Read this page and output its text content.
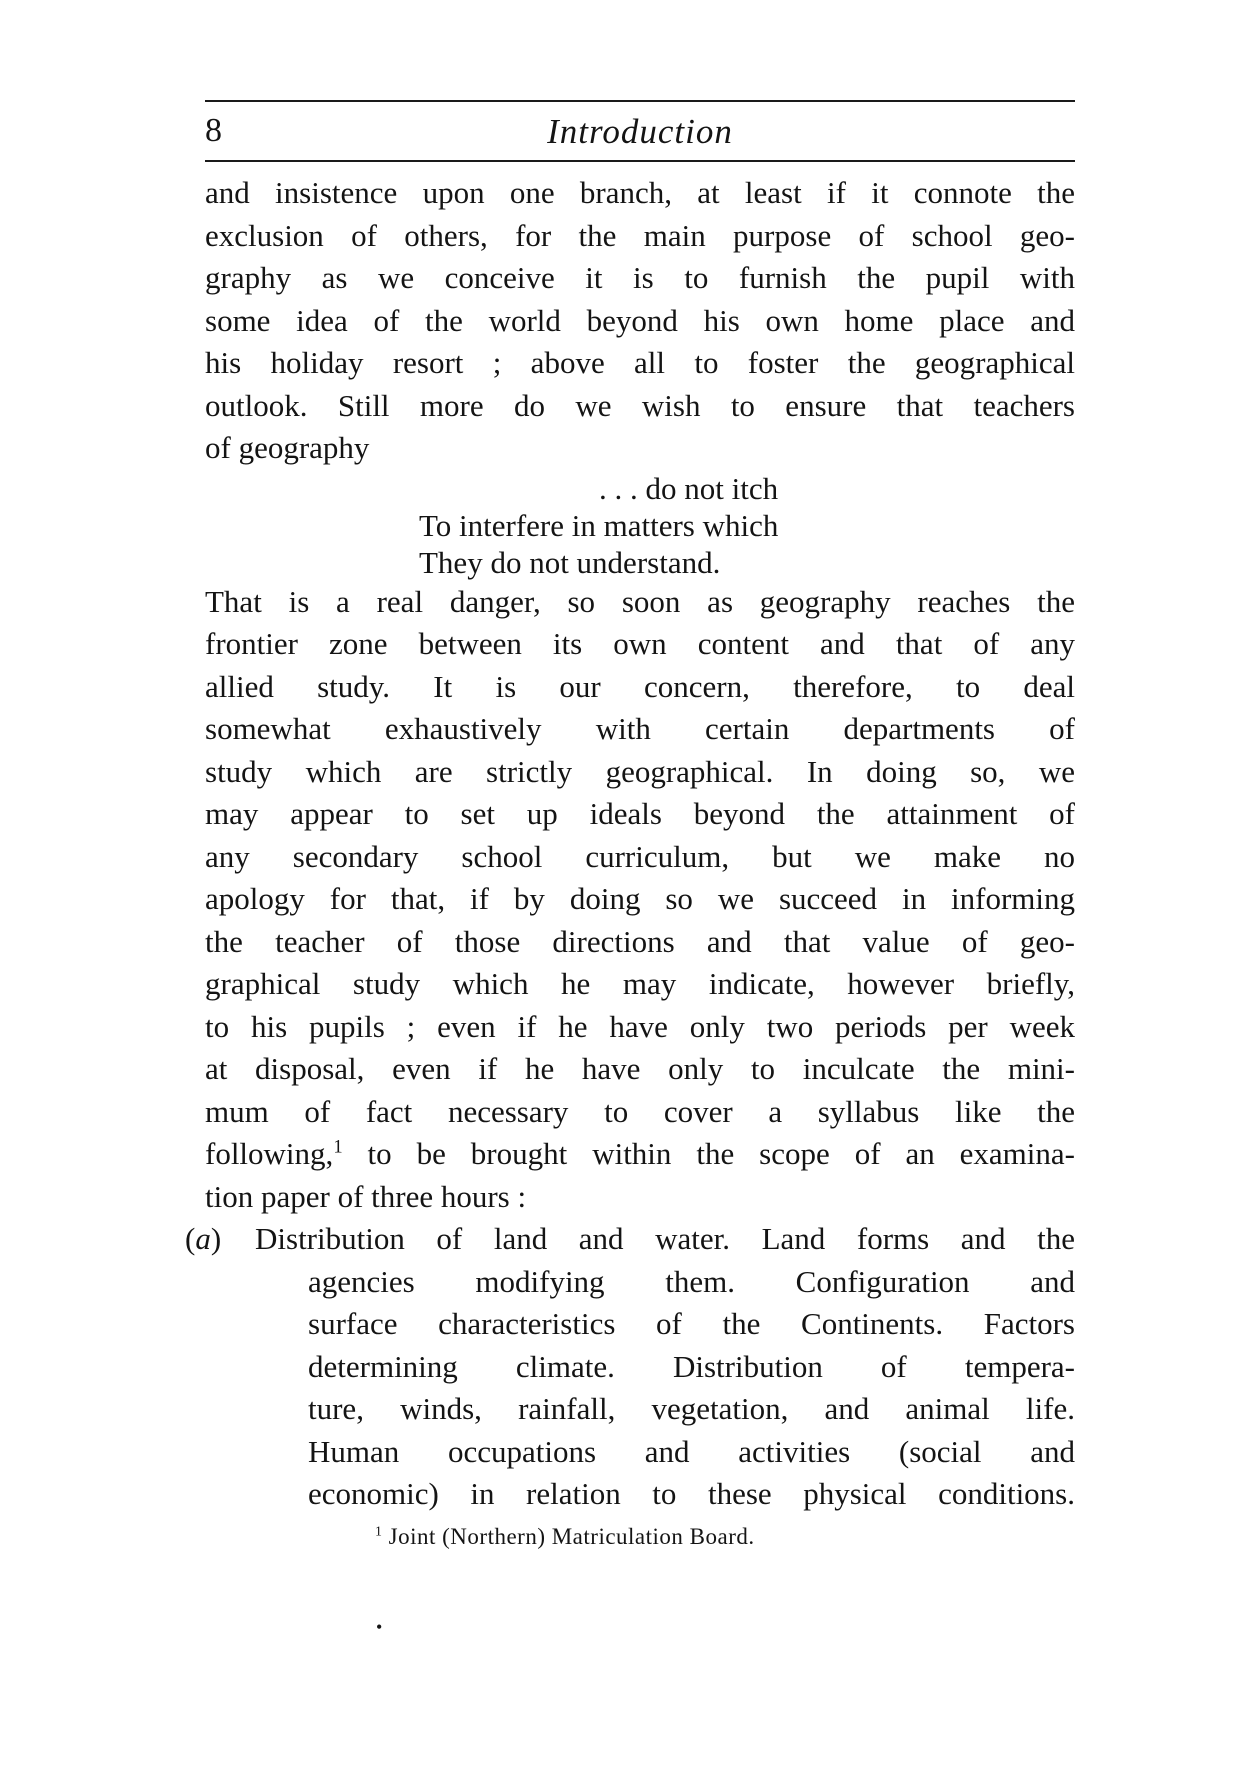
8	Introduction

and insistence upon one branch, at least if it connote the
exclusion of others, for the main purpose of school geo-
graphy as we conceive it is to furnish the pupil with
some idea of the world beyond his own home place and
his holiday resort ; above all to foster the geographical
outlook. Still more do we wish to ensure that teachers
of geography

. . . do not itch
To interfere in matters which
They do not understand.

That is a real danger, so soon as geography reaches the
frontier zone between its own content and that of any
allied study. It is our concern, therefore, to deal
somewhat exhaustively with certain departments of
study which are strictly geographical. In doing so, we
may appear to set up ideals beyond the attainment of
any secondary school curriculum, but we make no
apology for that, if by doing so we succeed in informing
the teacher of those directions and that value of geo-
graphical study which he may indicate, however briefly,
to his pupils ; even if he have only two periods per week
at disposal, even if he have only to inculcate the mini-
mum of fact necessary to cover a syllabus like the
following,$^1$ to be brought within the scope of an examina-
tion paper of three hours :

(a) Distribution of land and water. Land forms and the
agencies modifying them. Configuration and
surface characteristics of the Continents. Factors
determining climate. Distribution of tempera-
ture, winds, rainfall, vegetation, and animal life.
Human occupations and activities (social and
economic) in relation to these physical conditions.
$^1$ Joint (Northern) Matriculation Board.
•
